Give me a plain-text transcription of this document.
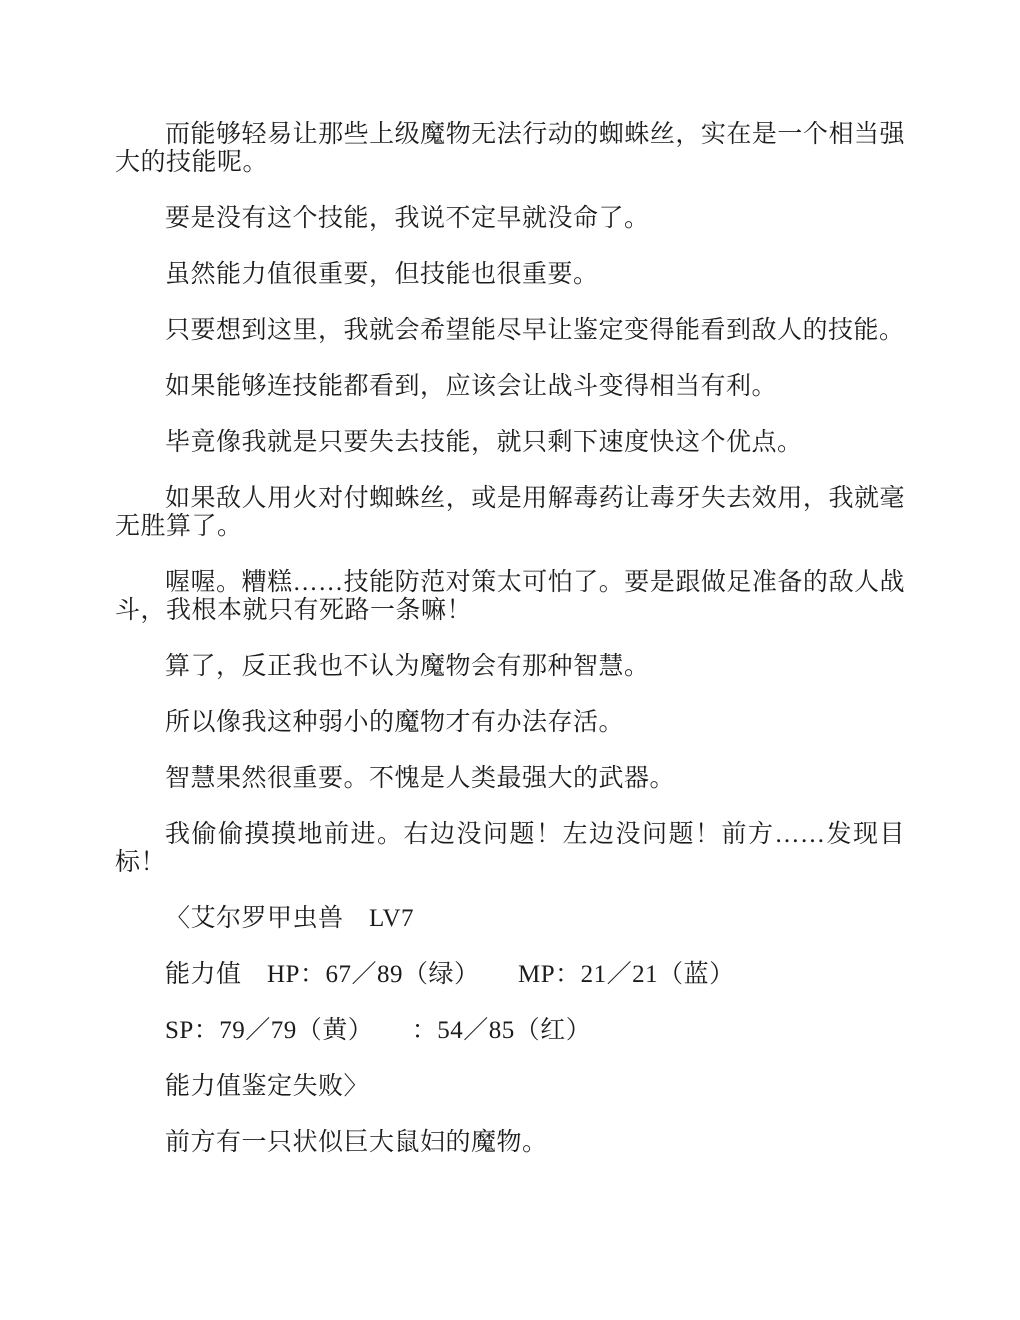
而能够轻易让那些上级魔物无法行动的蜘蛛丝，实在是一个相当强大的技能呢。

要是没有这个技能，我说不定早就没命了。

虽然能力值很重要，但技能也很重要。

只要想到这里，我就会希望能尽早让鉴定变得能看到敌人的技能。

如果能够连技能都看到，应该会让战斗变得相当有利。

毕竟像我就是只要失去技能，就只剩下速度快这个优点。

如果敌人用火对付蜘蛛丝，或是用解毒药让毒牙失去效用，我就毫无胜算了。

喔喔。糟糕……技能防范对策太可怕了。要是跟做足准备的敌人战斗，我根本就只有死路一条嘛！

算了，反正我也不认为魔物会有那种智慧。

所以像我这种弱小的魔物才有办法存活。

智慧果然很重要。不愧是人类最强大的武器。

我偷偷摸摸地前进。右边没问题！左边没问题！前方……发现目标！

〈艾尔罗甲虫兽　LV7

能力值　HP：67／89（绿）　　MP：21／21（蓝）

SP：79／79（黄）　　：54／85（红）

能力值鉴定失败〉

前方有一只状似巨大鼠妇的魔物。
